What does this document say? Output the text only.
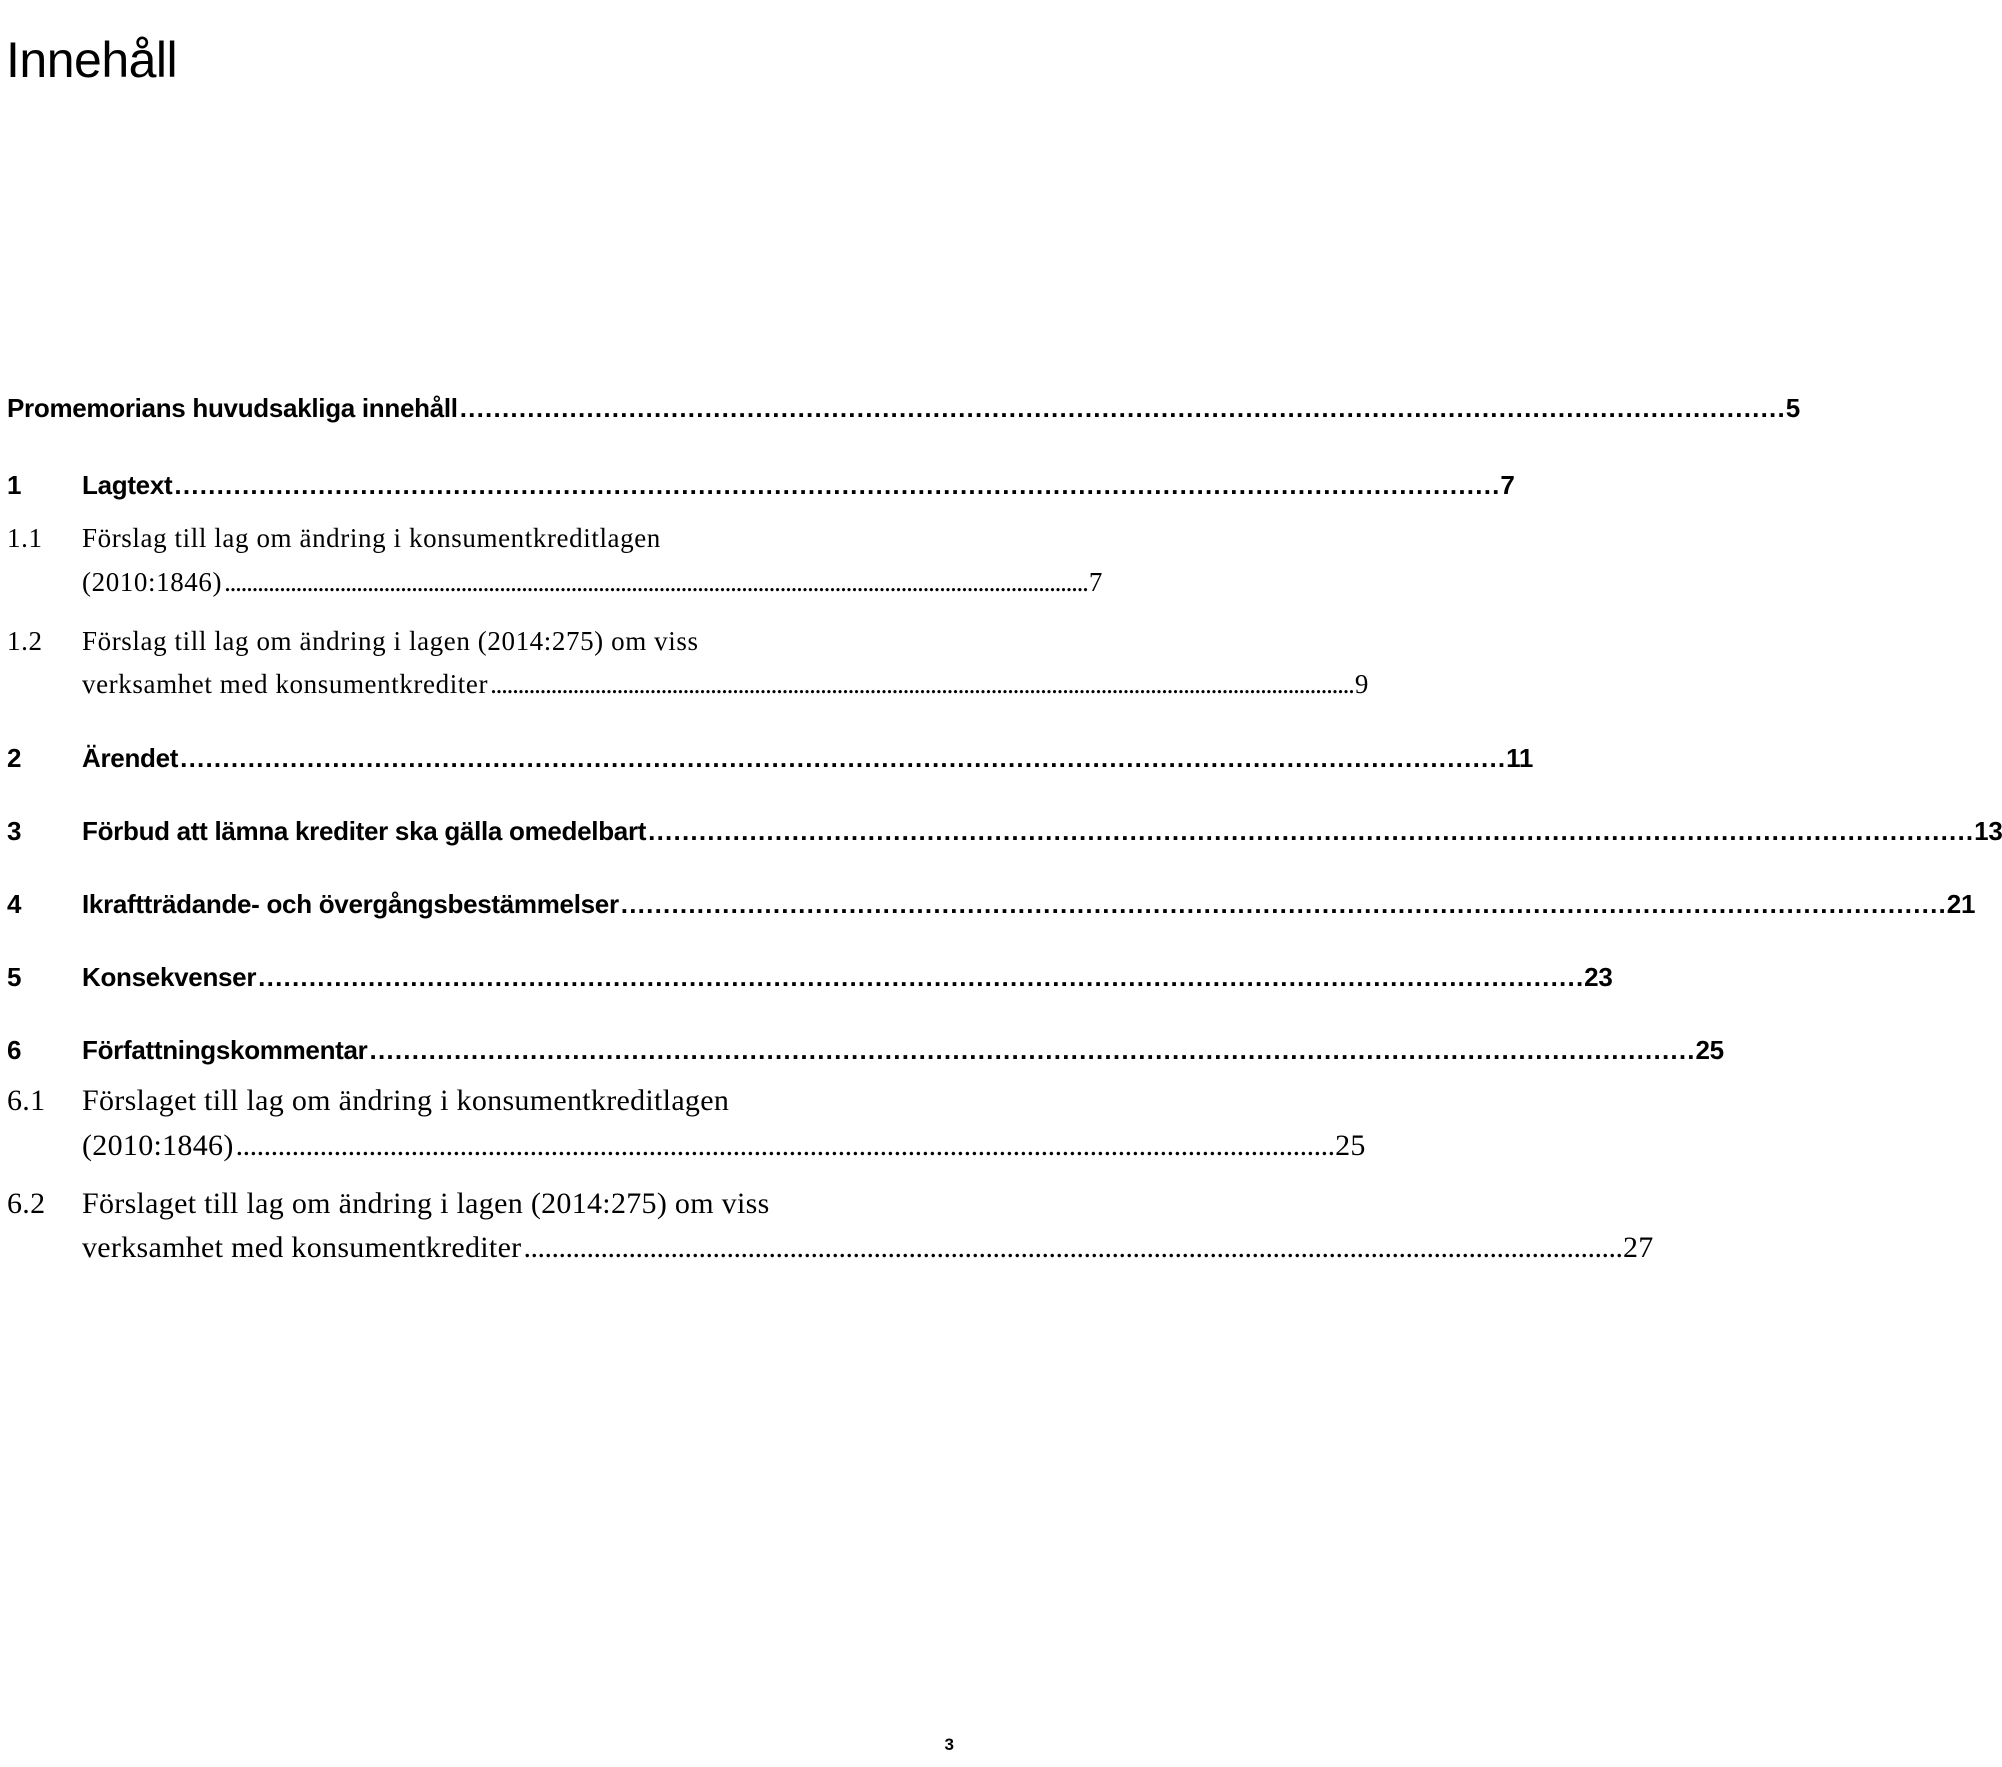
Innehåll
Promemorians huvudsakliga innehåll . . .	5
1	Lagtext . . .	7
1.1	Förslag till lag om ändring i konsumentkreditlagen
(2010:1846) . . .	7
1.2	Förslag till lag om ändring i lagen (2014:275) om viss
verksamhet med konsumentkrediter . . .	9
2	Ärendet . . .	11
3	Förbud att lämna krediter ska gälla omedelbart . . .	13
4	Ikraftträdande- och övergångsbestämmelser . . .	21
5	Konsekvenser . . .	23
6	Författningskommentar . . .	25
6.1	Förslaget till lag om ändring i konsumentkreditlagen
(2010:1846) . . .	25
6.2	Förslaget till lag om ändring i lagen (2014:275) om viss
verksamhet med konsumentkrediter . . .	27
3
